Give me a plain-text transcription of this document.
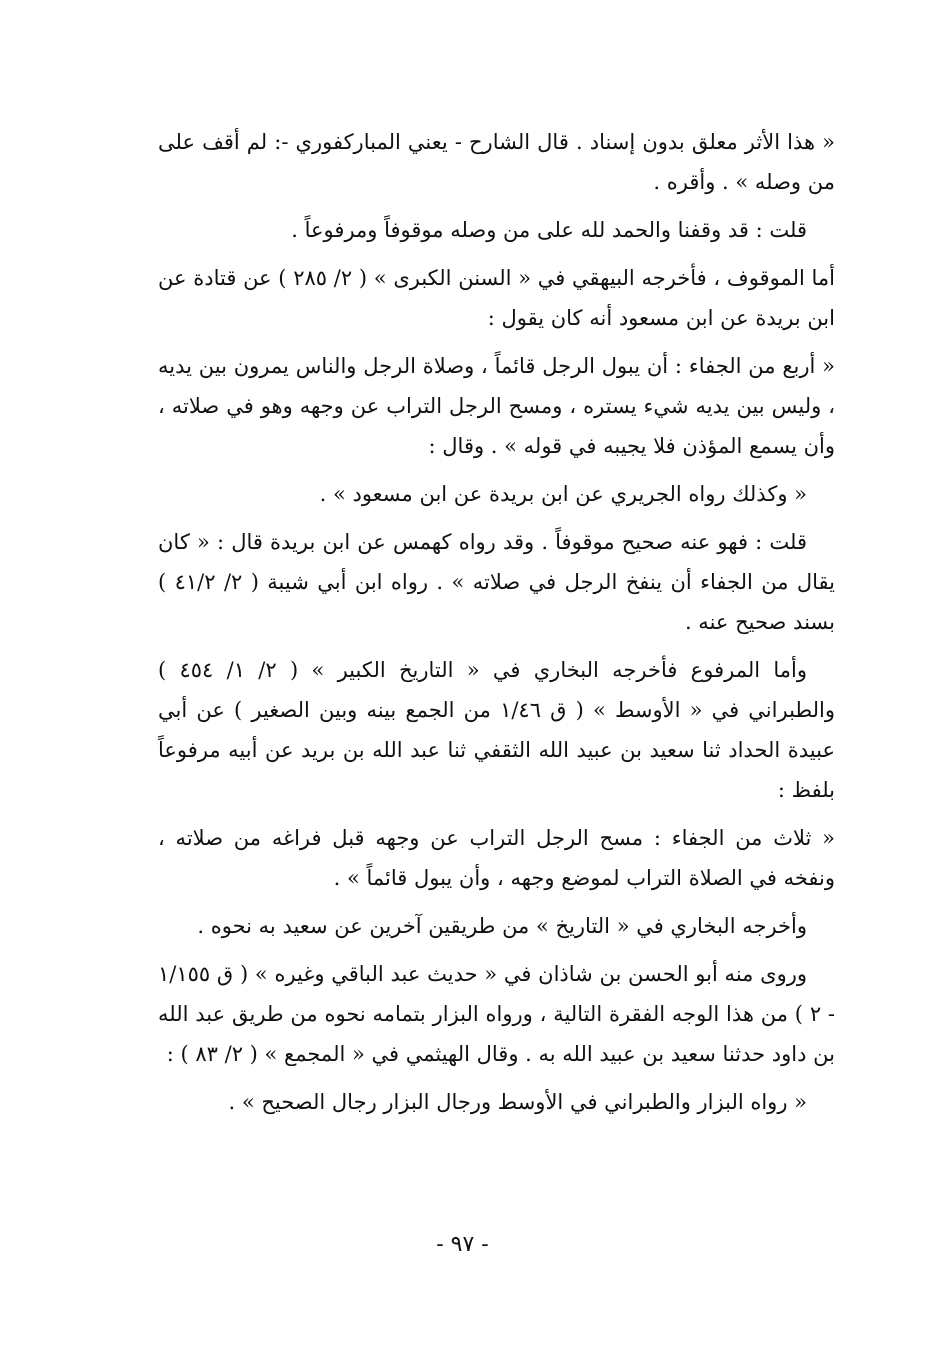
« هذا الأثر معلق بدون إسناد . قال الشارح - يعني المباركفوري -: لم أقف على من وصله » . وأقره .

قلت : قد وقفنا والحمد لله على من وصله موقوفاً ومرفوعاً .

أما الموقوف ، فأخرجه البيهقي في « السنن الكبرى » ( ٢/ ٢٨٥ ) عن قتادة عن ابن بريدة عن ابن مسعود أنه كان يقول :

« أربع من الجفاء : أن يبول الرجل قائماً ، وصلاة الرجل والناس يمرون بين يديه ، وليس بين يديه شيء يستره ، ومسح الرجل التراب عن وجهه وهو في صلاته ، وأن يسمع المؤذن فلا يجيبه في قوله » . وقال :

« وكذلك رواه الجريري عن ابن بريدة عن ابن مسعود » .

قلت : فهو عنه صحيح موقوفاً . وقد رواه كهمس عن ابن بريدة قال : « كان يقال من الجفاء أن ينفخ الرجل في صلاته » . رواه ابن أبي شيبة ( ٢/ ٤١/٢ ) بسند صحيح عنه .

وأما المرفوع فأخرجه البخاري في « التاريخ الكبير » ( ٢/ ١/ ٤٥٤ ) والطبراني في « الأوسط » ( ق ١/٤٦ من الجمع بينه وبين الصغير ) عن أبي عبيدة الحداد ثنا سعيد بن عبيد الله الثقفي ثنا عبد الله بن بريد عن أبيه مرفوعاً بلفظ :

« ثلاث من الجفاء : مسح الرجل التراب عن وجهه قبل فراغه من صلاته ، ونفخه في الصلاة التراب لموضع وجهه ، وأن يبول قائماً » .

وأخرجه البخاري في « التاريخ » من طريقين آخرين عن سعيد به نحوه .

وروى منه أبو الحسن بن شاذان في « حديث عبد الباقي وغيره » ( ق ١/١٥٥ - ٢ ) من هذا الوجه الفقرة التالية ، ورواه البزار بتمامه نحوه من طريق عبد الله بن داود حدثنا سعيد بن عبيد الله به . وقال الهيثمي في « المجمع » ( ٢/ ٨٣ ) :

« رواه البزار والطبراني في الأوسط ورجال البزار رجال الصحيح » .

- ٩٧ -
